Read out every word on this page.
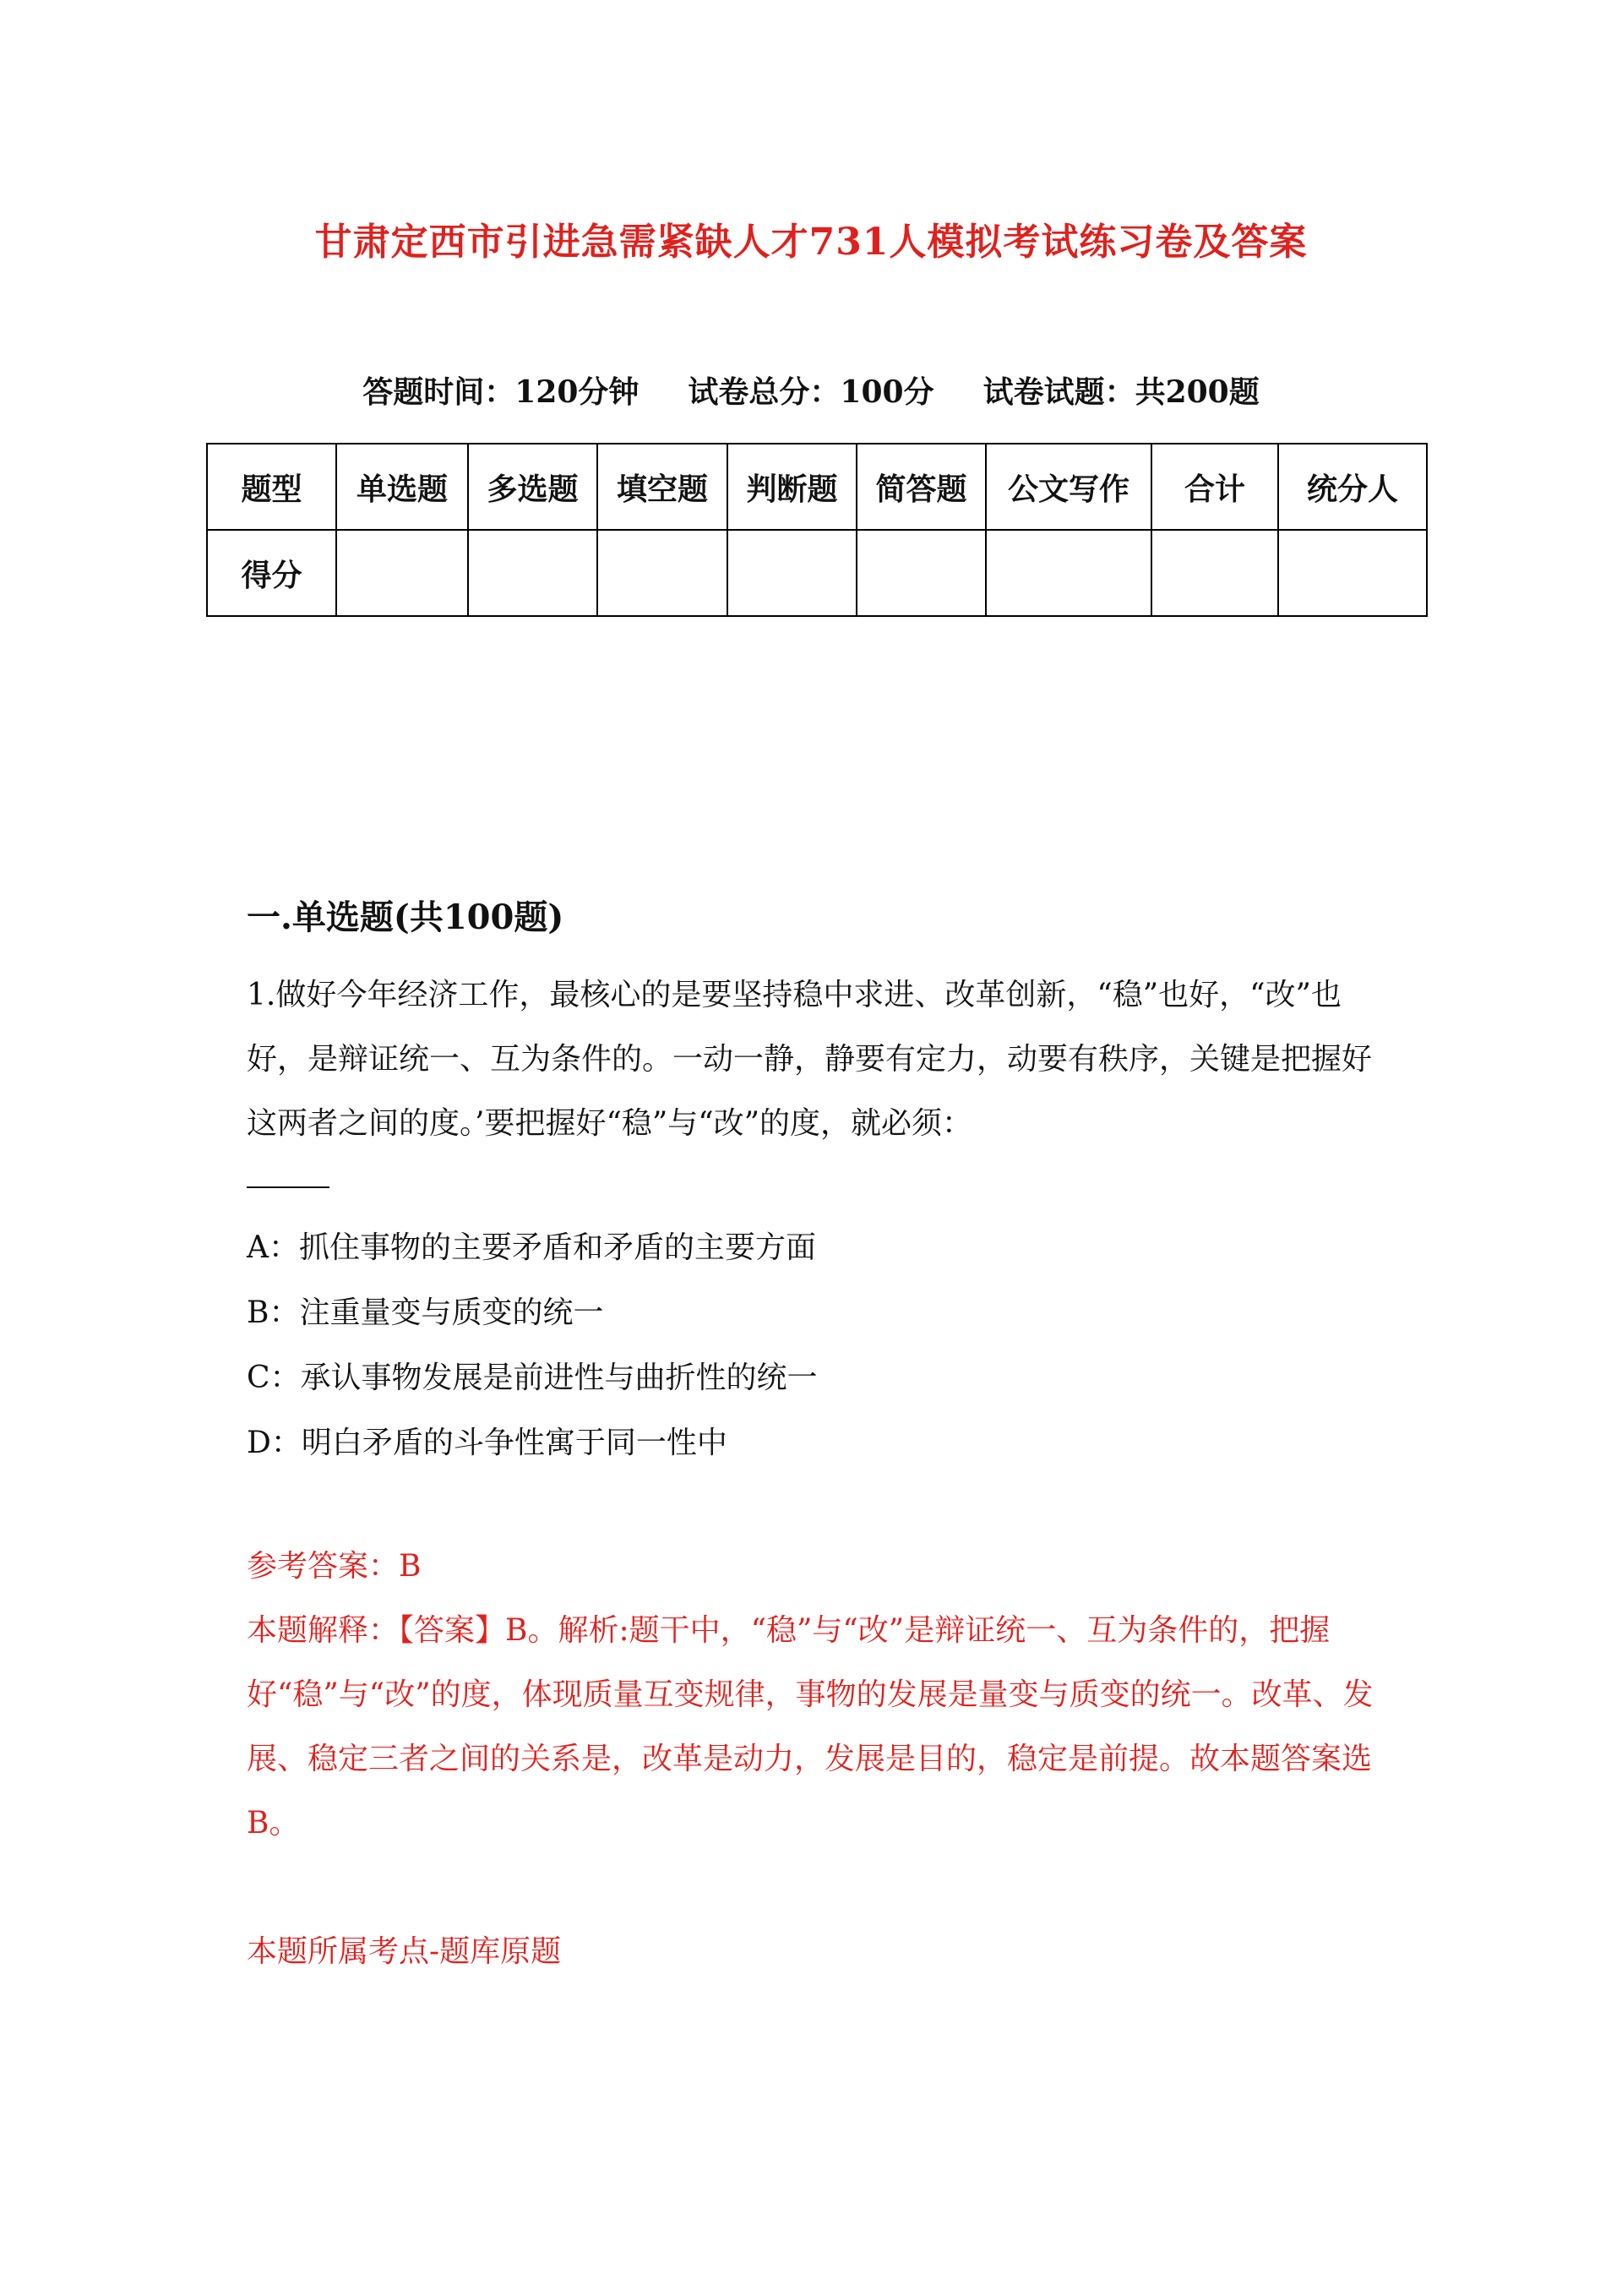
甘肃定西市引进急需紧缺人才731人模拟考试练习卷及答案
答题时间：120分钟 试卷总分：100分 试卷试题：共200题
题型	单选题	多选题	填空题	判断题	简答题	公文写作	合计	统分人
得分								
一.单选题(共100题)
1.做好今年经济工作，最核心的是要坚持稳中求进、改革创新，“稳”也好，“改”也好，是辩证统一、互为条件的。一动一静，静要有定力，动要有秩序，关键是把握好这两者之间的度。’要把握好“稳”与“改”的度，就必须：
A：抓住事物的主要矛盾和矛盾的主要方面
B：注重量变与质变的统一
C：承认事物发展是前进性与曲折性的统一
D：明白矛盾的斗争性寓于同一性中
参考答案：B
本题解释：【答案】B。解析:题干中，“稳”与“改”是辩证统一、互为条件的，把握好“稳”与“改”的度，体现质量互变规律，事物的发展是量变与质变的统一。改革、发展、稳定三者之间的关系是，改革是动力，发展是目的，稳定是前提。故本题答案选B。
本题所属考点-题库原题
